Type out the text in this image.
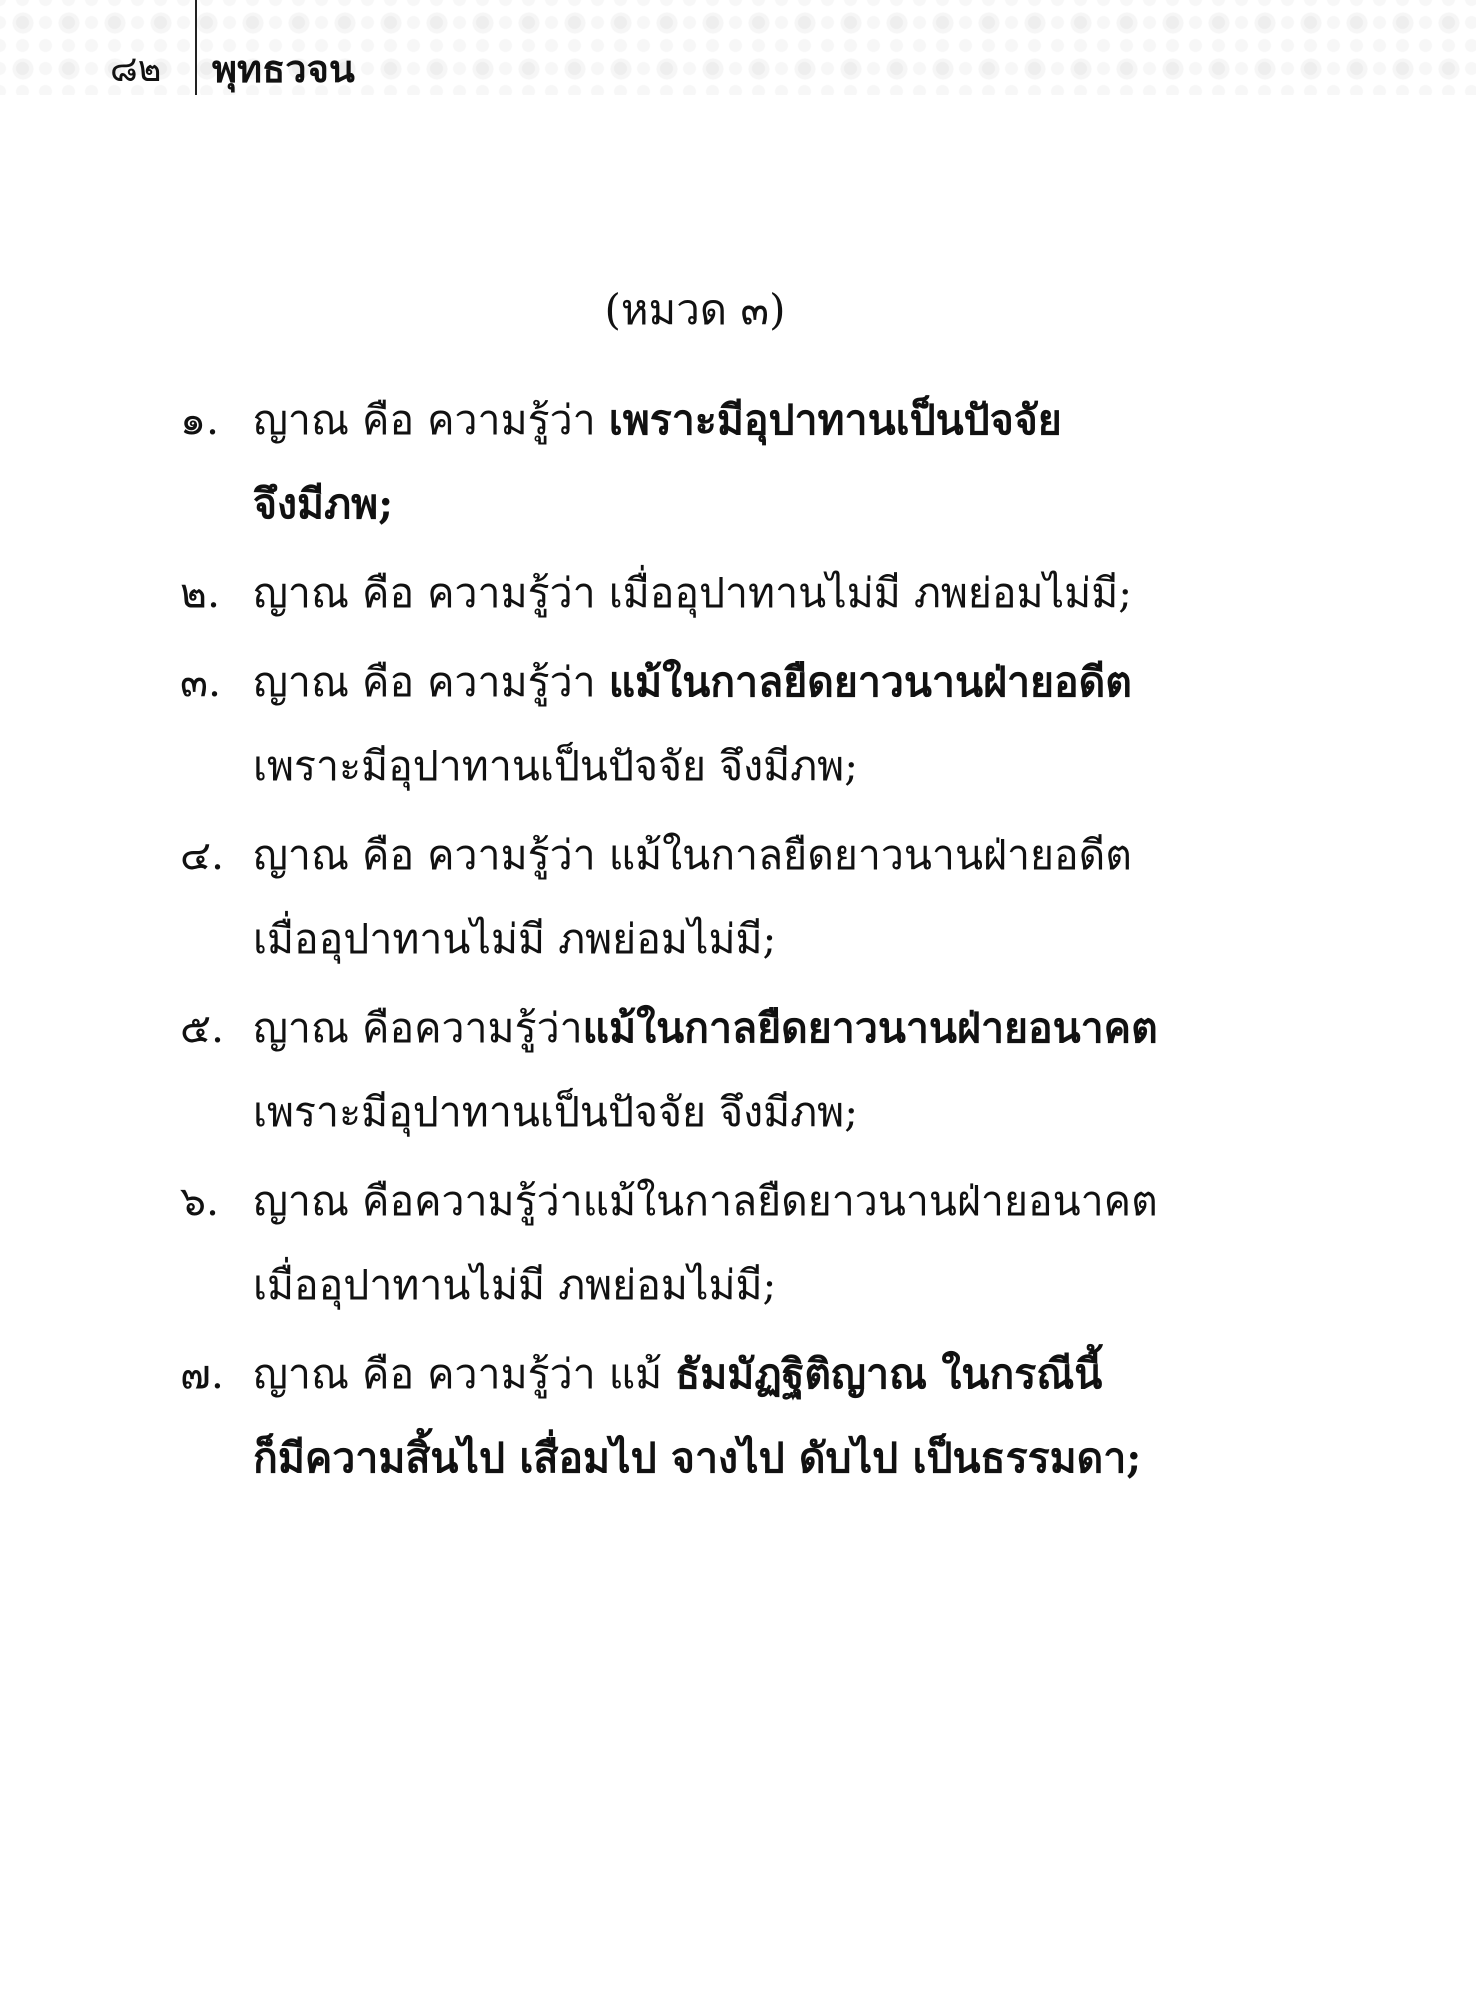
๘๒ พุทธวจน
(หมวด ๓)
๑. ญาณ คือ ความรู้ว่า เพราะมีอุปาทานเป็นปัจจัย
จึงมีภพ;
๒. ญาณ คือ ความรู้ว่า เมื่ออุปาทานไม่มี ภพย่อมไม่มี;
๓. ญาณ คือ ความรู้ว่า แม้ในกาลยืดยาวนานฝ่ายอดีต
เพราะมีอุปาทานเป็นปัจจัย จึงมีภพ;
๔. ญาณ คือ ความรู้ว่า แม้ในกาลยืดยาวนานฝ่ายอดีต
เมื่ออุปาทานไม่มี ภพย่อมไม่มี;
๕. ญาณ คือความรู้ว่าแม้ในกาลยืดยาวนานฝ่ายอนาคต
เพราะมีอุปาทานเป็นปัจจัย จึงมีภพ;
๖. ญาณ คือความรู้ว่าแม้ในกาลยืดยาวนานฝ่ายอนาคต
เมื่ออุปาทานไม่มี ภพย่อมไม่มี;
๗. ญาณ คือ ความรู้ว่า แม้ ธัมมัฏฐิติญาณ ในกรณีนี้
ก็มีความสิ้นไป เสื่อมไป จางไป ดับไป เป็นธรรมดา;
